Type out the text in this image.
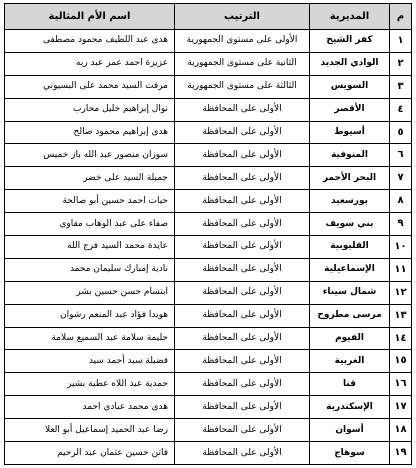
م	المديرية	الترتيب	اسم الأم المثالية
١	كفر الشيخ	الأولى على مستوى الجمهورية	هدى عبد اللطيف محمود مصطفى
٢	الوادي الجديد	الثانية على مستوى الجمهورية	عزيزة احمد عمر عبد ربه
٣	السويس	الثالثة على مستوى الجمهورية	مرفت السيد محمد على البسيوني
٤	الأقصر	الأولى على المحافظة	نوال إبراهيم خليل محارب
٥	أسيوط	الأولى على المحافظة	هدى إبراهيم محمود صالح
٦	المنوفية	الأولى على المحافظة	سوزان منصور عبد الله باز خميس
٧	البحر الأحمر	الأولى على المحافظة	جميلة السيد على خضر
٨	بورسعيد	الأولى على المحافظة	حيات احمد حسين أبو صالحة
٩	بني سويف	الأولى على المحافظة	صفاء على عبد الوهاب مقاوي
١٠	القليوبية	الأولى على المحافظة	عايدة محمد السيد فرج الله
١١	الإسماعيلية	الأولى على المحافظة	نادية إمبارك سليمان محمد
١٢	شمال سيناء	الأولى على المحافظة	ابتسام حسن حسين بشر
١٣	مرسى مطروح	الأولى على المحافظة	هويدا فؤاد عبد المنعم رشوان
١٤	الفيوم	الأولى على المحافظة	حليمة سلامة عبد السميع سلامة
١٥	الغربية	الأولى على المحافظة	فضيلة سيد أحمد سيد
١٦	قنا	الأولى على المحافظة	حمدية عبد اللاه عطية بشير
١٧	الإسكندرية	الأولى على المحافظة	هدى محمد عبادي احمد
١٨	أسوان	الأولى على المحافظة	رضا عبد الحميد إسماعيل أبو العلا
١٩	سوهاج	الأولى على المحافظة	فاتن حسين عثمان عبد الرحيم
